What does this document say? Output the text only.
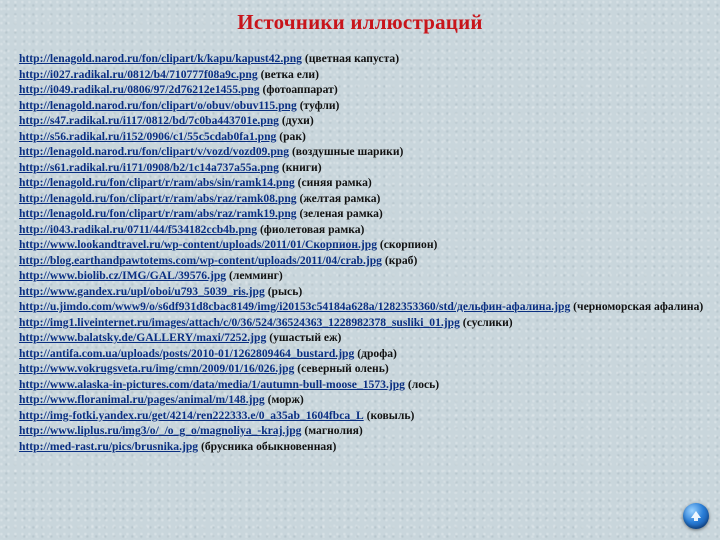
Источники иллюстраций
http://lenagold.narod.ru/fon/clipart/k/kapu/kapust42.png (цветная капуста)
http://i027.radikal.ru/0812/b4/710777f08a9c.png (ветка ели)
http://i049.radikal.ru/0806/97/2d76212e1455.png (фотоаппарат)
http://lenagold.narod.ru/fon/clipart/o/obuv/obuv115.png (туфли)
http://s47.radikal.ru/i117/0812/bd/7c0ba443701e.png (духи)
http://s56.radikal.ru/i152/0906/c1/55c5cdab0fa1.png (рак)
http://lenagold.narod.ru/fon/clipart/v/vozd/vozd09.png (воздушные шарики)
http://s61.radikal.ru/i171/0908/b2/1c14a737a55a.png (книги)
http://lenagold.ru/fon/clipart/r/ram/abs/sin/ramk14.png (синяя рамка)
http://lenagold.ru/fon/clipart/r/ram/abs/raz/ramk08.png (желтая рамка)
http://lenagold.ru/fon/clipart/r/ram/abs/raz/ramk19.png (зеленая рамка)
http://i043.radikal.ru/0711/44/f534182ccb4b.png (фиолетовая рамка)
http://www.lookandtravel.ru/wp-content/uploads/2011/01/Скорпион.jpg (скорпион)
http://blog.earthandpawtotems.com/wp-content/uploads/2011/04/crab.jpg (краб)
http://www.biolib.cz/IMG/GAL/39576.jpg (лемминг)
http://www.gandex.ru/upl/oboi/u793_5039_ris.jpg (рысь)
http://u.jimdo.com/www9/o/s6df931d8cbac8149/img/i20153c54184a628a/1282353360/std/дельфин-афалина.jpg (черноморская афалина)
http://img1.liveinternet.ru/images/attach/c/0/36/524/36524363_1228982378_susliki_01.jpg (суслики)
http://www.balatsky.de/GALLERY/maxi/7252.jpg (ушастый еж)
http://antifa.com.ua/uploads/posts/2010-01/1262809464_bustard.jpg (дрофа)
http://www.vokrugsveta.ru/img/cmn/2009/01/16/026.jpg (северный олень)
http://www.alaska-in-pictures.com/data/media/1/autumn-bull-moose_1573.jpg (лось)
http://www.floranimal.ru/pages/animal/m/148.jpg (морж)
http://img-fotki.yandex.ru/get/4214/ren222333.e/0_a35ab_1604fbca_L (ковыль)
http://www.liplus.ru/img3/o/_/o_g_o/magnoliya_-kraj.jpg (магнолия)
http://med-rast.ru/pics/brusnika.jpg (брусника обыкновенная)
